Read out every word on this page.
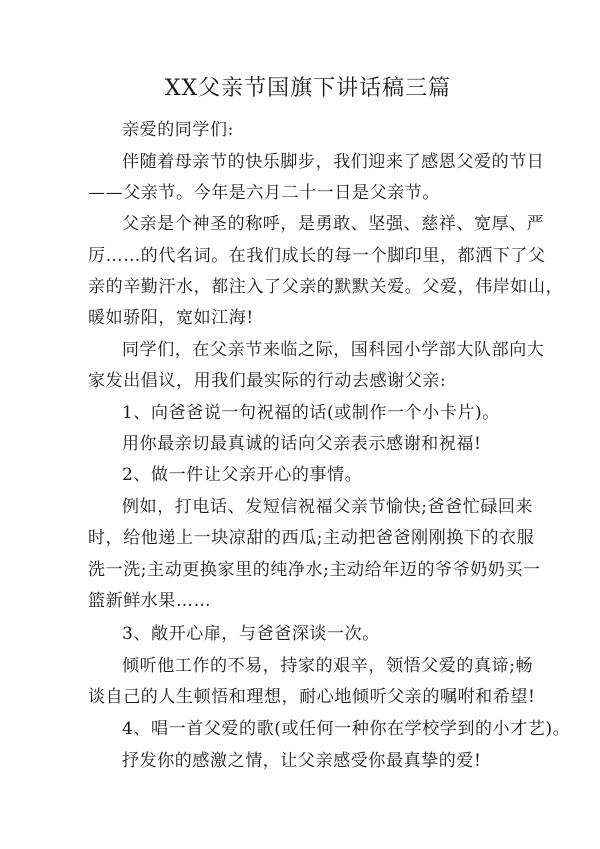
XX父亲节国旗下讲话稿三篇
亲爱的同学们:
伴随着母亲节的快乐脚步，我们迎来了感恩父爱的节日
——父亲节。今年是六月二十一日是父亲节。
父亲是个神圣的称呼，是勇敢、坚强、慈祥、宽厚、严
厉……的代名词。在我们成长的每一个脚印里，都洒下了父
亲的辛勤汗水，都注入了父亲的默默关爱。父爱，伟岸如山，
暖如骄阳，宽如江海!
同学们，在父亲节来临之际，国科园小学部大队部向大
家发出倡议，用我们最实际的行动去感谢父亲:
1、向爸爸说一句祝福的话(或制作一个小卡片)。
用你最亲切最真诚的话向父亲表示感谢和祝福!
2、做一件让父亲开心的事情。
例如，打电话、发短信祝福父亲节愉快;爸爸忙碌回来
时，给他递上一块凉甜的西瓜;主动把爸爸刚刚换下的衣服
洗一洗;主动更换家里的纯净水;主动给年迈的爷爷奶奶买一
篮新鲜水果……
3、敞开心扉，与爸爸深谈一次。
倾听他工作的不易，持家的艰辛，领悟父爱的真谛;畅
谈自己的人生顿悟和理想，耐心地倾听父亲的嘱咐和希望!
4、唱一首父爱的歌(或任何一种你在学校学到的小才艺)。
抒发你的感激之情，让父亲感受你最真挚的爱!
